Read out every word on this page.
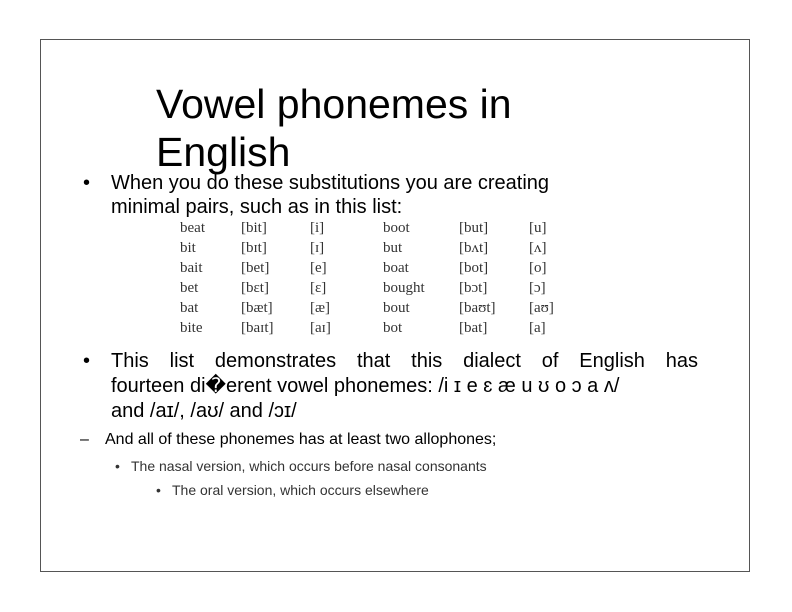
Vowel phonemes in
English
• When you do these substitutions you are creating
minimal pairs, such as in this list:
beat [bit]	[i]	boot	[but]	[u]
bit	[bɪt]	[ɪ]	but	[bʌt]	[ʌ]
bait	[bet]	[e]	boat	[bot]	[o]
bet	[bɛt]	[ɛ]	bought [bɔt]	[ɔ]
bat	[bæt] [æ]	bout	[baʊt] [aʊ]
bite	[baɪt] [aɪ]	bot	[bat]	[a]
• This list demonstrates that this dialect of English has
fourteen di�erent vowel phonemes: /i ɪ e ɛ æ u ʊ o ɔ a ʌ/
and /aɪ/, /aʊ/ and /ɔɪ/
– And all of these phonemes has at least two allophones;
• The nasal version, which occurs before nasal consonants
• The oral version, which occurs elsewhere
